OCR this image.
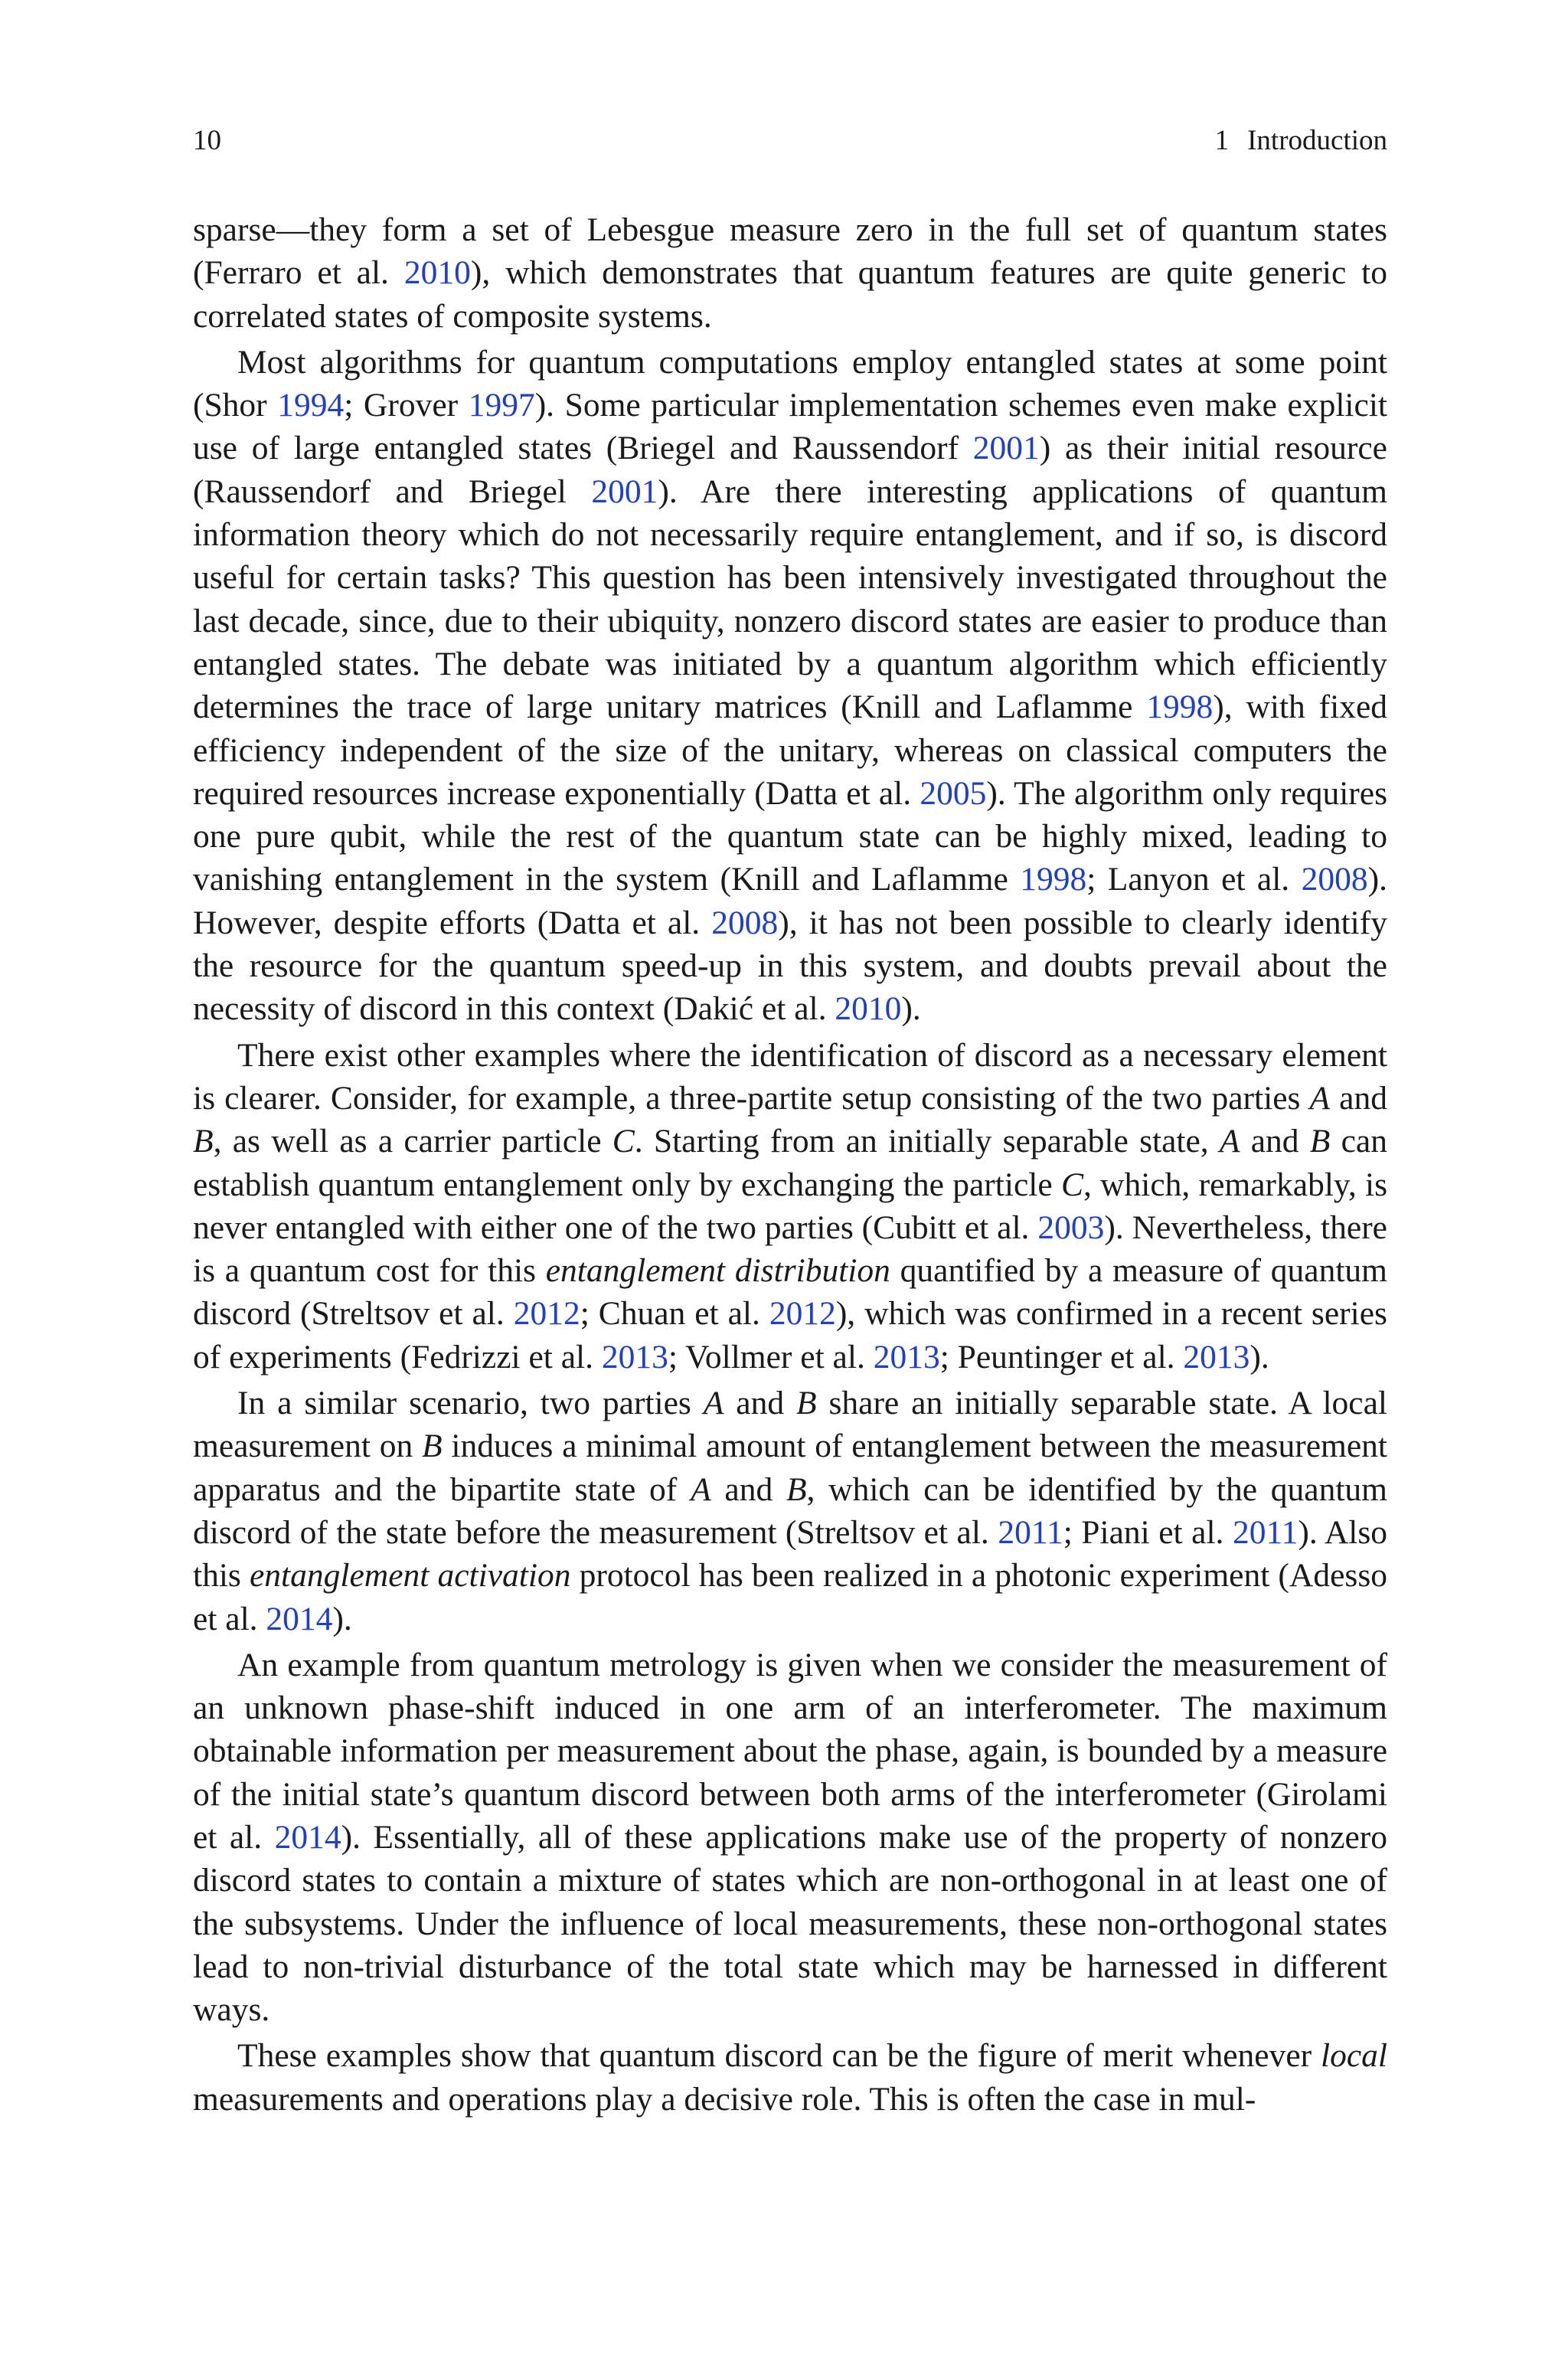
10	1 Introduction

sparse—they form a set of Lebesgue measure zero in the full set of quantum states (Ferraro et al. 2010), which demonstrates that quantum features are quite generic to correlated states of composite systems.

Most algorithms for quantum computations employ entangled states at some point (Shor 1994; Grover 1997). Some particular implementation schemes even make explicit use of large entangled states (Briegel and Raussendorf 2001) as their initial resource (Raussendorf and Briegel 2001). Are there interesting applications of quantum information theory which do not necessarily require entanglement, and if so, is discord useful for certain tasks? This question has been intensively investigated throughout the last decade, since, due to their ubiquity, nonzero discord states are easier to produce than entangled states. The debate was initiated by a quantum algorithm which efficiently determines the trace of large unitary matrices (Knill and Laflamme 1998), with fixed efficiency independent of the size of the unitary, whereas on classical computers the required resources increase exponentially (Datta et al. 2005). The algorithm only requires one pure qubit, while the rest of the quantum state can be highly mixed, leading to vanishing entanglement in the system (Knill and Laflamme 1998; Lanyon et al. 2008). However, despite efforts (Datta et al. 2008), it has not been possible to clearly identify the resource for the quantum speed-up in this system, and doubts prevail about the necessity of discord in this context (Dakić et al. 2010).

There exist other examples where the identification of discord as a necessary element is clearer. Consider, for example, a three-partite setup consisting of the two parties A and B, as well as a carrier particle C. Starting from an initially separable state, A and B can establish quantum entanglement only by exchanging the particle C, which, remarkably, is never entangled with either one of the two parties (Cubitt et al. 2003). Nevertheless, there is a quantum cost for this entanglement distribution quantified by a measure of quantum discord (Streltsov et al. 2012; Chuan et al. 2012), which was confirmed in a recent series of experiments (Fedrizzi et al. 2013; Vollmer et al. 2013; Peuntinger et al. 2013).

In a similar scenario, two parties A and B share an initially separable state. A local measurement on B induces a minimal amount of entanglement between the measurement apparatus and the bipartite state of A and B, which can be identified by the quantum discord of the state before the measurement (Streltsov et al. 2011; Piani et al. 2011). Also this entanglement activation protocol has been realized in a photonic experiment (Adesso et al. 2014).

An example from quantum metrology is given when we consider the measurement of an unknown phase-shift induced in one arm of an interferometer. The maximum obtainable information per measurement about the phase, again, is bounded by a measure of the initial state’s quantum discord between both arms of the interferometer (Girolami et al. 2014). Essentially, all of these applications make use of the property of nonzero discord states to contain a mixture of states which are non-orthogonal in at least one of the subsystems. Under the influence of local measurements, these non-orthogonal states lead to non-trivial disturbance of the total state which may be harnessed in different ways.

These examples show that quantum discord can be the figure of merit whenever local measurements and operations play a decisive role. This is often the case in mul-
